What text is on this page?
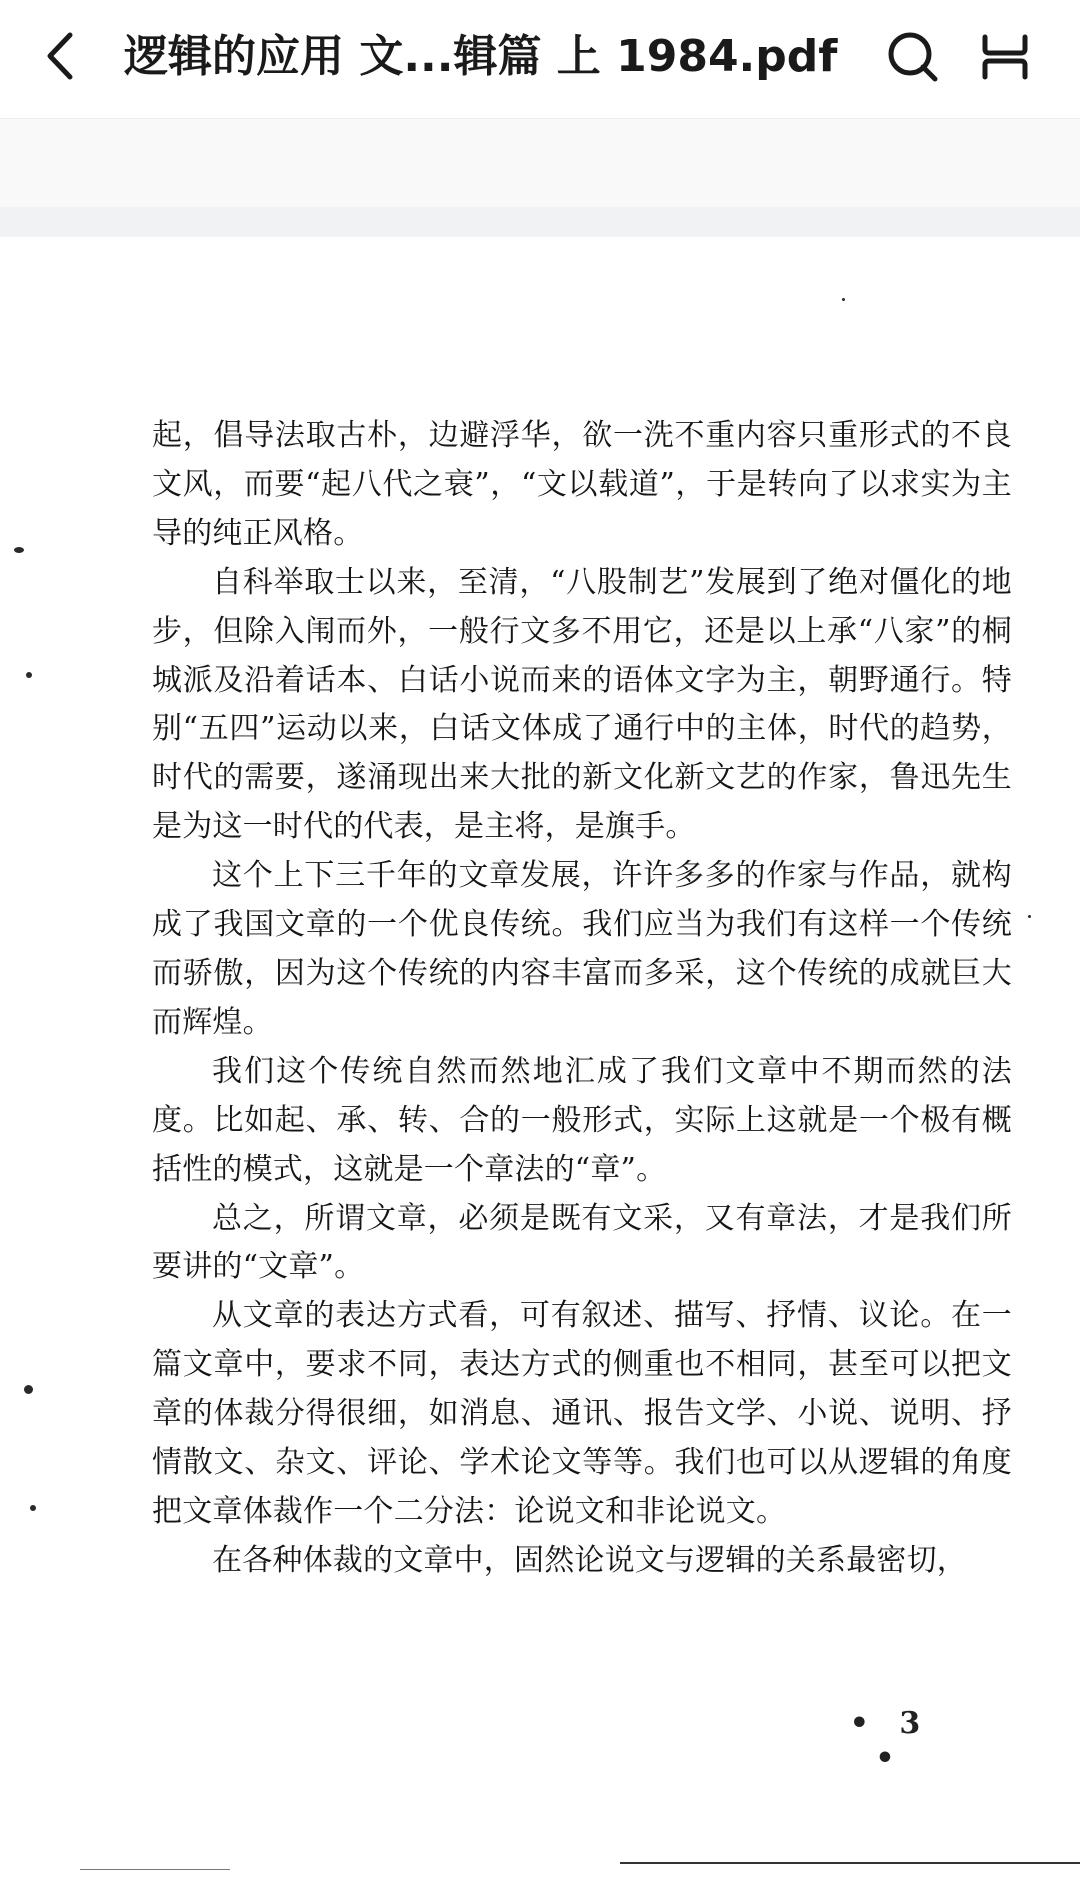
逻辑的应用 文...辑篇 上 1984.pdf

起，倡导法取古朴，边避浮华，欲一洗不重内容只重形式的不良文风，而要“起八代之衰”，“文以载道”，于是转向了以求实为主导的纯正风格。

自科举取士以来，至清，“八股制艺”发展到了绝对僵化的地步，但除入闱而外，一般行文多不用它，还是以上承“八家”的桐城派及沿着话本、白话小说而来的语体文字为主，朝野通行。特别“五四”运动以来，白话文体成了通行中的主体，时代的趋势，时代的需要，遂涌现出来大批的新文化新文艺的作家，鲁迅先生是为这一时代的代表，是主将，是旗手。

这个上下三千年的文章发展，许许多多的作家与作品，就构成了我国文章的一个优良传统。我们应当为我们有这样一个传统而骄傲，因为这个传统的内容丰富而多采，这个传统的成就巨大而辉煌。

我们这个传统自然而然地汇成了我们文章中不期而然的法度。比如起、承、转、合的一般形式，实际上这就是一个极有概括性的模式，这就是一个章法的“章”。

总之，所谓文章，必须是既有文采，又有章法，才是我们所要讲的“文章”。

从文章的表达方式看，可有叙述、描写、抒情、议论。在一篇文章中，要求不同，表达方式的侧重也不相同，甚至可以把文章的体裁分得很细，如消息、通讯、报告文学、小说、说明、抒情散文、杂文、评论、学术论文等等。我们也可以从逻辑的角度把文章体裁作一个二分法：论说文和非论说文。

在各种体裁的文章中，固然论说文与逻辑的关系最密切，

• 3 •
